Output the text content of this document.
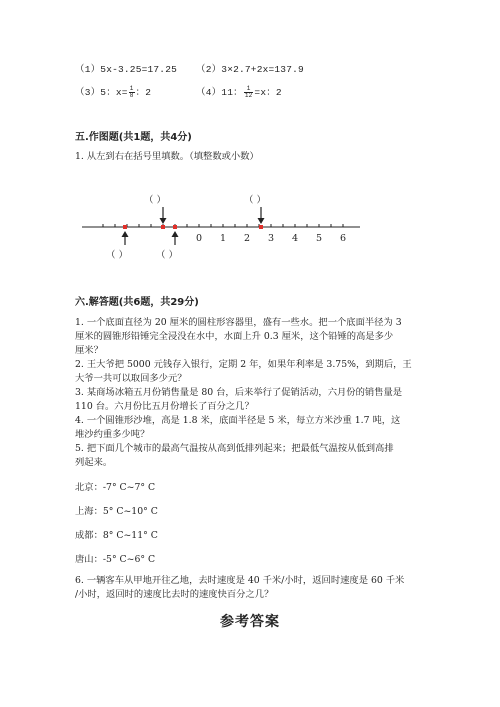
（1）5x-3.25=17.25 （2）3×2.7+2x=137.9
（3）5：$x= \frac{1}{8}$ ：2	（4）11： $\frac{1}{12} =x$：2
五.作图题(共1题，共4分)
1. 从左到右在括号里填数。（填整数或小数）
（ ）	（ ）
0 1 2 3 4 5 6
（ ）	（ ）
六.解答题(共6题，共29分)
1. 一个底面直径为 20 厘米的圆柱形容器里，盛有一些水。把一个底面半径为 3
厘米的圆锥形铅锤完全浸没在水中，水面上升 0.3 厘米，这个铅锤的高是多少
厘米？
2. 王大爷把 5000 元钱存入银行，定期 2 年，如果年利率是 3.75%，到期后，王
大爷一共可以取回多少元？
3. 某商场冰箱五月份销售量是 80 台，后来举行了促销活动，六月份的销售量是
110 台。六月份比五月份增长了百分之几？
4. 一个圆锥形沙堆，高是 1.8 米，底面半径是 5 米，每立方米沙重 1.7 吨，这
堆沙约重多少吨？
5. 把下面几个城市的最高气温按从高到低排列起来；把最低气温按从低到高排
列起来。
北京：-7° C~7° C
上海：5° C~10° C
成都：8° C~11° C
唐山：-5° C~6° C
6. 一辆客车从甲地开往乙地，去时速度是 40 千米/小时，返回时速度是 60 千米
/小时，返回时的速度比去时的速度快百分之几？
参考答案
